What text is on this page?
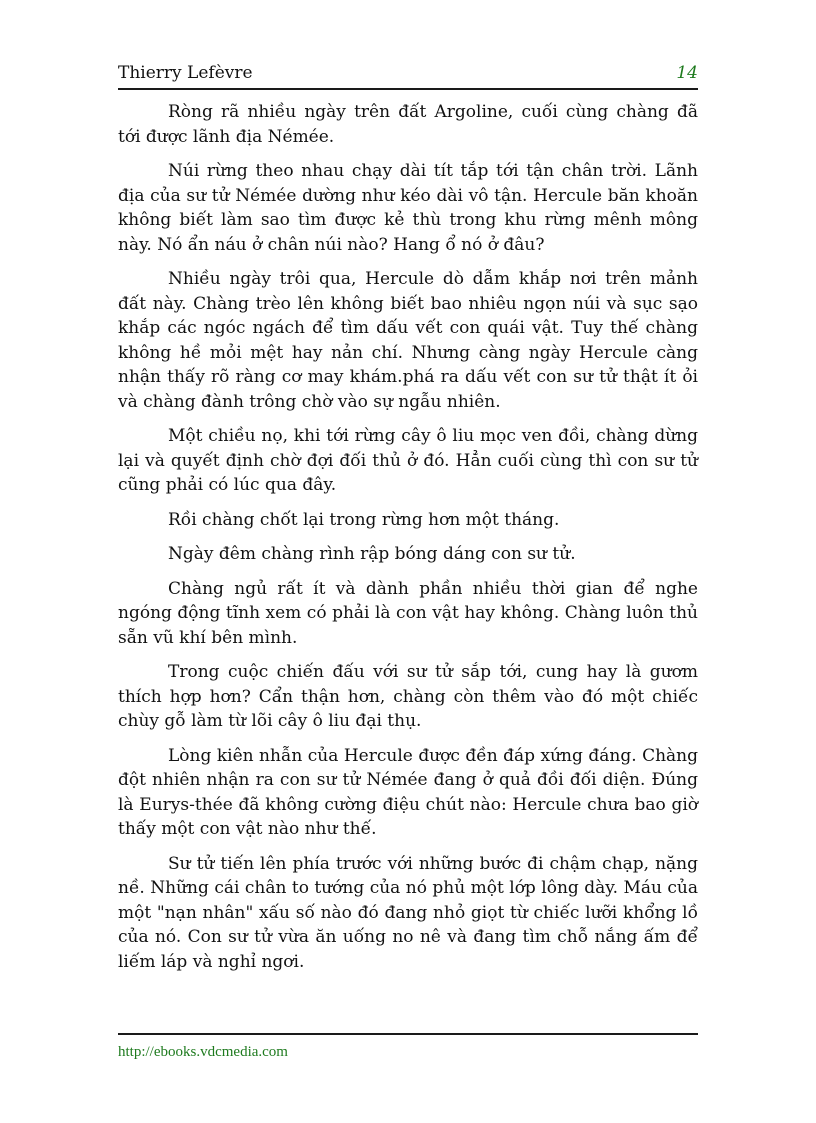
Thierry Lefèvre	14

Ròng rã nhiều ngày trên đất Argoline, cuối cùng chàng đã tới được lãnh địa Némée.

Núi rừng theo nhau chạy dài tít tắp tới tận chân trời. Lãnh địa của sư tử Némée dường như kéo dài vô tận. Hercule băn khoăn không biết làm sao tìm được kẻ thù trong khu rừng mênh mông này. Nó ẩn náu ở chân núi nào? Hang ổ nó ở đâu?

Nhiều ngày trôi qua, Hercule dò dẫm khắp nơi trên mảnh đất này. Chàng trèo lên không biết bao nhiêu ngọn núi và sục sạo khắp các ngóc ngách để tìm dấu vết con quái vật. Tuy thế chàng không hề mỏi mệt hay nản chí. Nhưng càng ngày Hercule càng nhận thấy rõ ràng cơ may khám.phá ra dấu vết con sư tử thật ít ỏi và chàng đành trông chờ vào sự ngẫu nhiên.

Một chiều nọ, khi tới rừng cây ô liu mọc ven đồi, chàng dừng lại và quyết định chờ đợi đối thủ ở đó. Hẳn cuối cùng thì con sư tử cũng phải có lúc qua đây.

Rồi chàng chốt lại trong rừng hơn một tháng.

Ngày đêm chàng rình rập bóng dáng con sư tử.

Chàng ngủ rất ít và dành phần nhiều thời gian để nghe ngóng động tĩnh xem có phải là con vật hay không. Chàng luôn thủ sẵn vũ khí bên mình.

Trong cuộc chiến đấu với sư tử sắp tới, cung hay là gươm thích hợp hơn? Cẩn thận hơn, chàng còn thêm vào đó một chiếc chùy gỗ làm từ lõi cây ô liu đại thụ.

Lòng kiên nhẫn của Hercule được đền đáp xứng đáng. Chàng đột nhiên nhận ra con sư tử Némée đang ở quả đồi đối diện. Đúng là Eurys-thée đã không cường điệu chút nào: Hercule chưa bao giờ thấy một con vật nào như thế.

Sư tử tiến lên phía trước với những bước đi chậm chạp, nặng nề. Những cái chân to tướng của nó phủ một lớp lông dày. Máu của một "nạn nhân" xấu số nào đó đang nhỏ giọt từ chiếc lưỡi khổng lồ của nó. Con sư tử vừa ăn uống no nê và đang tìm chỗ nắng ấm để liếm láp và nghỉ ngơi.

http://ebooks.vdcmedia.com
